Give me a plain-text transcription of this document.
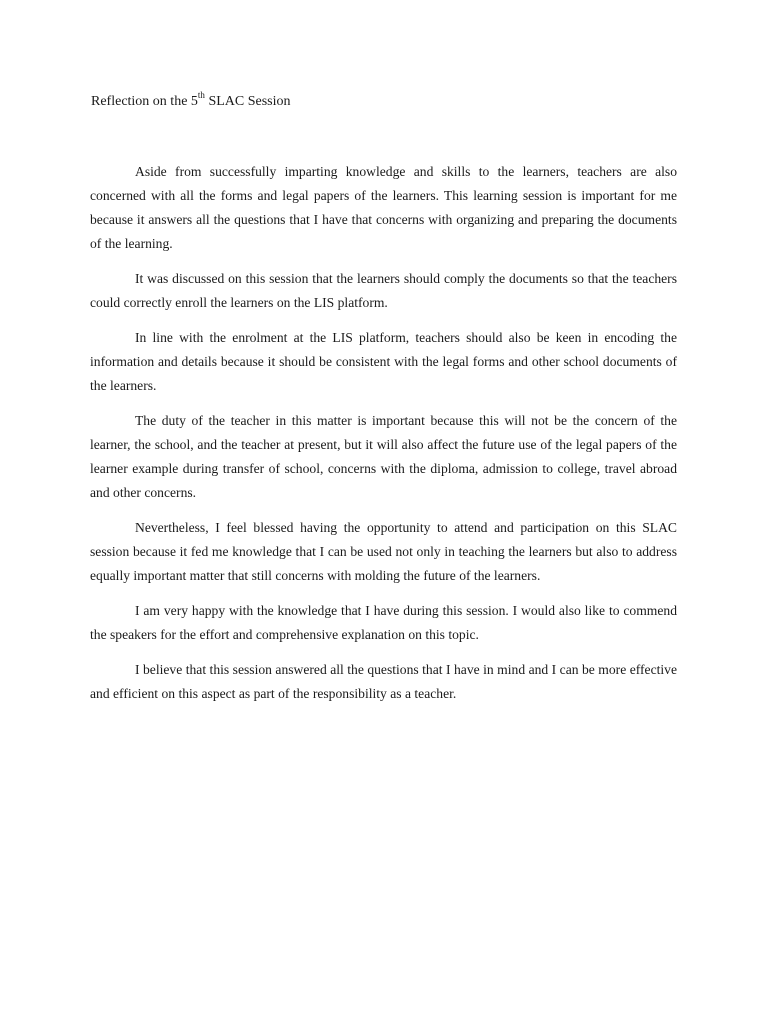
Reflection on the 5th SLAC Session

Aside from successfully imparting knowledge and skills to the learners, teachers are also concerned with all the forms and legal papers of the learners. This learning session is important for me because it answers all the questions that I have that concerns with organizing and preparing the documents of the learning.

It was discussed on this session that the learners should comply the documents so that the teachers could correctly enroll the learners on the LIS platform.

In line with the enrolment at the LIS platform, teachers should also be keen in encoding the information and details because it should be consistent with the legal forms and other school documents of the learners.

The duty of the teacher in this matter is important because this will not be the concern of the learner, the school, and the teacher at present, but it will also affect the future use of the legal papers of the learner example during transfer of school, concerns with the diploma, admission to college, travel abroad and other concerns.

Nevertheless, I feel blessed having the opportunity to attend and participation on this SLAC session because it fed me knowledge that I can be used not only in teaching the learners but also to address equally important matter that still concerns with molding the future of the learners.

I am very happy with the knowledge that I have during this session. I would also like to commend the speakers for the effort and comprehensive explanation on this topic.

I believe that this session answered all the questions that I have in mind and I can be more effective and efficient on this aspect as part of the responsibility as a teacher.
